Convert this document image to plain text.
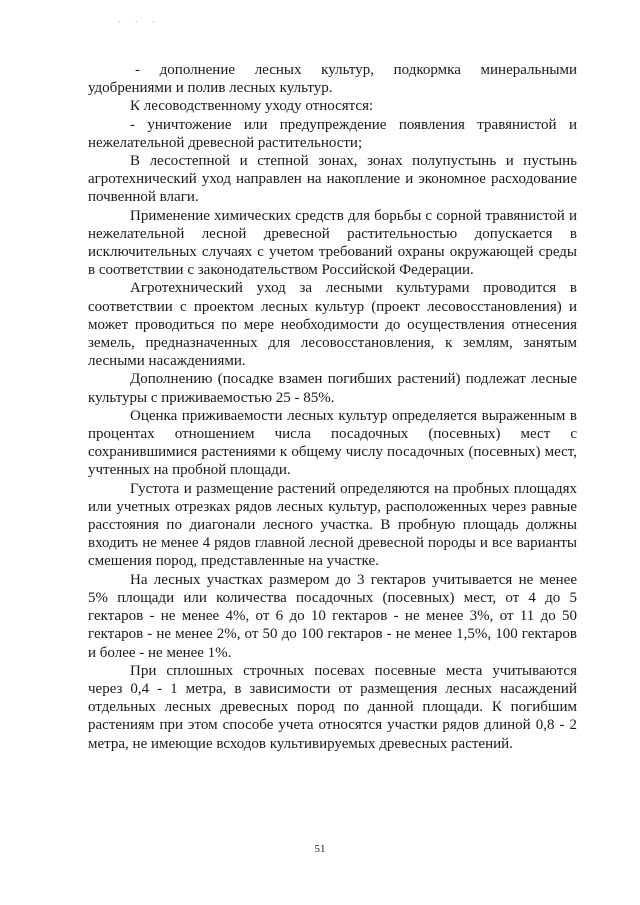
. . .

- дополнение лесных культур, подкормка минеральными удобрениями и полив лесных культур.

К лесоводственному уходу относятся:

- уничтожение или предупреждение появления травянистой и нежелательной древесной растительности;

В лесостепной и степной зонах, зонах полупустынь и пустынь агротехнический уход направлен на накопление и экономное расходование почвенной влаги.

Применение химических средств для борьбы с сорной травянистой и нежелательной лесной древесной растительностью допускается в исключительных случаях с учетом требований охраны окружающей среды в соответствии с законодательством Российской Федерации.

Агротехнический уход за лесными культурами проводится в соответствии с проектом лесных культур (проект лесовосстановления) и может проводиться по мере необходимости до осуществления отнесения земель, предназначенных для лесовосстановления, к землям, занятым лесными насаждениями.

Дополнению (посадке взамен погибших растений) подлежат лесные культуры с приживаемостью 25 - 85%.

Оценка приживаемости лесных культур определяется выраженным в процентах отношением числа посадочных (посевных) мест с сохранившимися растениями к общему числу посадочных (посевных) мест, учтенных на пробной площади.

Густота и размещение растений определяются на пробных площадях или учетных отрезках рядов лесных культур, расположенных через равные расстояния по диагонали лесного участка. В пробную площадь должны входить не менее 4 рядов главной лесной древесной породы и все варианты смешения пород, представленные на участке.

На лесных участках размером до 3 гектаров учитывается не менее 5% площади или количества посадочных (посевных) мест, от 4 до 5 гектаров - не менее 4%, от 6 до 10 гектаров - не менее 3%, от 11 до 50 гектаров - не менее 2%, от 50 до 100 гектаров - не менее 1,5%, 100 гектаров и более - не менее 1%.

При сплошных строчных посевах посевные места учитываются через 0,4 - 1 метра, в зависимости от размещения лесных насаждений отдельных лесных древесных пород по данной площади. К погибшим растениям при этом способе учета относятся участки рядов длиной 0,8 - 2 метра, не имеющие всходов культивируемых древесных растений.

51
